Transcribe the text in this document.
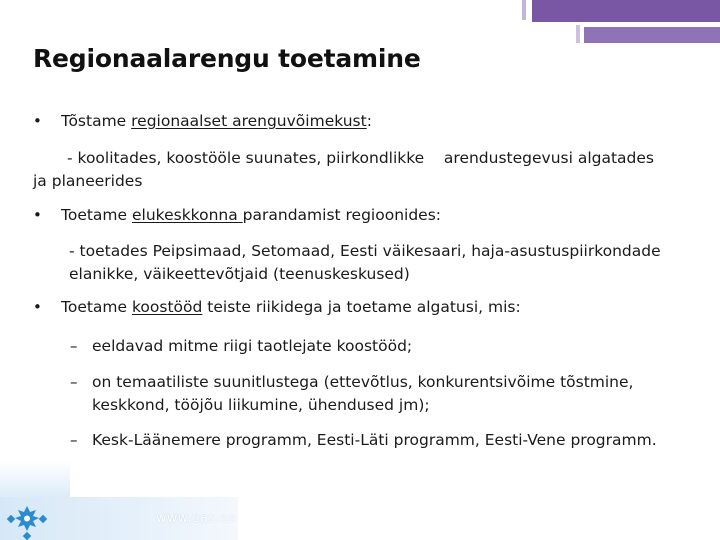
Regionaalarengu toetamine
• Tõstame regionaalset arenguvõimekust:
- koolitades, koostööle suunates, piirkondlikke    arendustegevusi algatades
ja planeerides
• Toetame elukeskkonna parandamist regioonides:
- toetades Peipsimaad, Setomaad, Eesti väikesaari, haja-asustuspiirkondade
elanikke, väikeettevõtjaid (teenuskeskused)
• Toetame koostööd teiste riikidega ja toetame algatusi, mis:
– eeldavad mitme riigi taotlejate koostööd;
– on temaatiliste suunitlustega (ettevõtlus, konkurentsivõime tõstmine,
keskkond, tööjõu liikumine, ühendused jm);
– Kesk-Läänemere programm, Eesti-Läti programm, Eesti-Vene programm.
www.eas.ee
